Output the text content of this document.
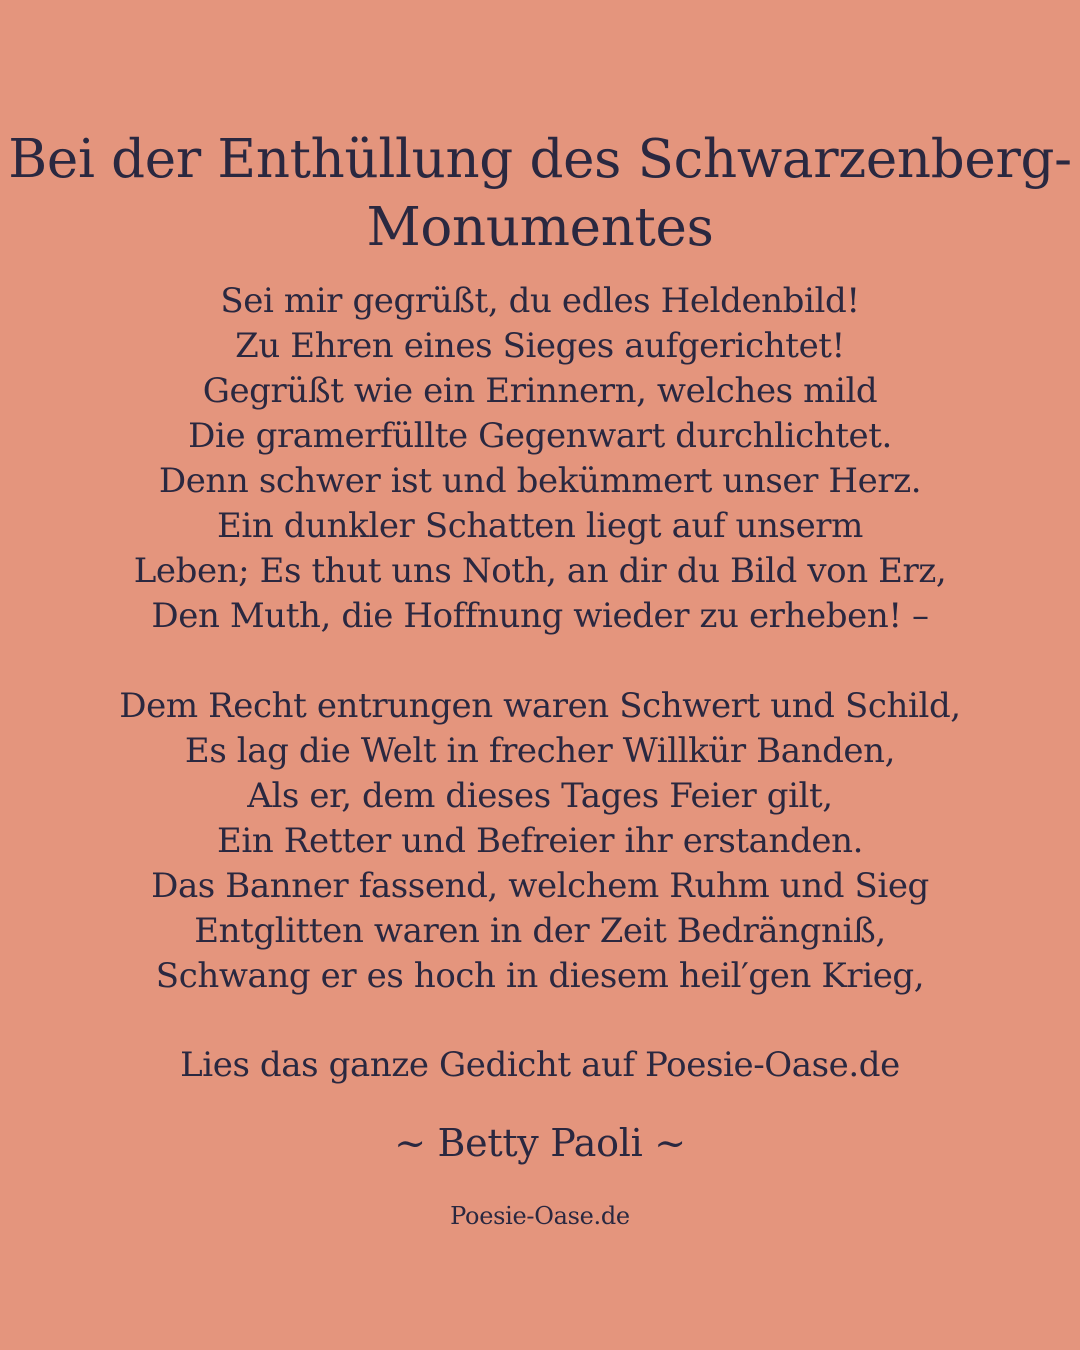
Bei der Enthüllung des Schwarzenberg-
Monumentes
Sei mir gegrüßt, du edles Heldenbild!
Zu Ehren eines Sieges aufgerichtet!
Gegrüßt wie ein Erinnern, welches mild
Die gramerfüllte Gegenwart durchlichtet.
Denn schwer ist und bekümmert unser Herz.
Ein dunkler Schatten liegt auf unserm
Leben; Es thut uns Noth, an dir du Bild von Erz,
Den Muth, die Hoffnung wieder zu erheben! –
Dem Recht entrungen waren Schwert und Schild,
Es lag die Welt in frecher Willkür Banden,
Als er, dem dieses Tages Feier gilt,
Ein Retter und Befreier ihr erstanden.
Das Banner fassend, welchem Ruhm und Sieg
Entglitten waren in der Zeit Bedrängniß,
Schwang er es hoch in diesem heil′gen Krieg,
Lies das ganze Gedicht auf Poesie-Oase.de
~ Betty Paoli ~
Poesie-Oase.de
